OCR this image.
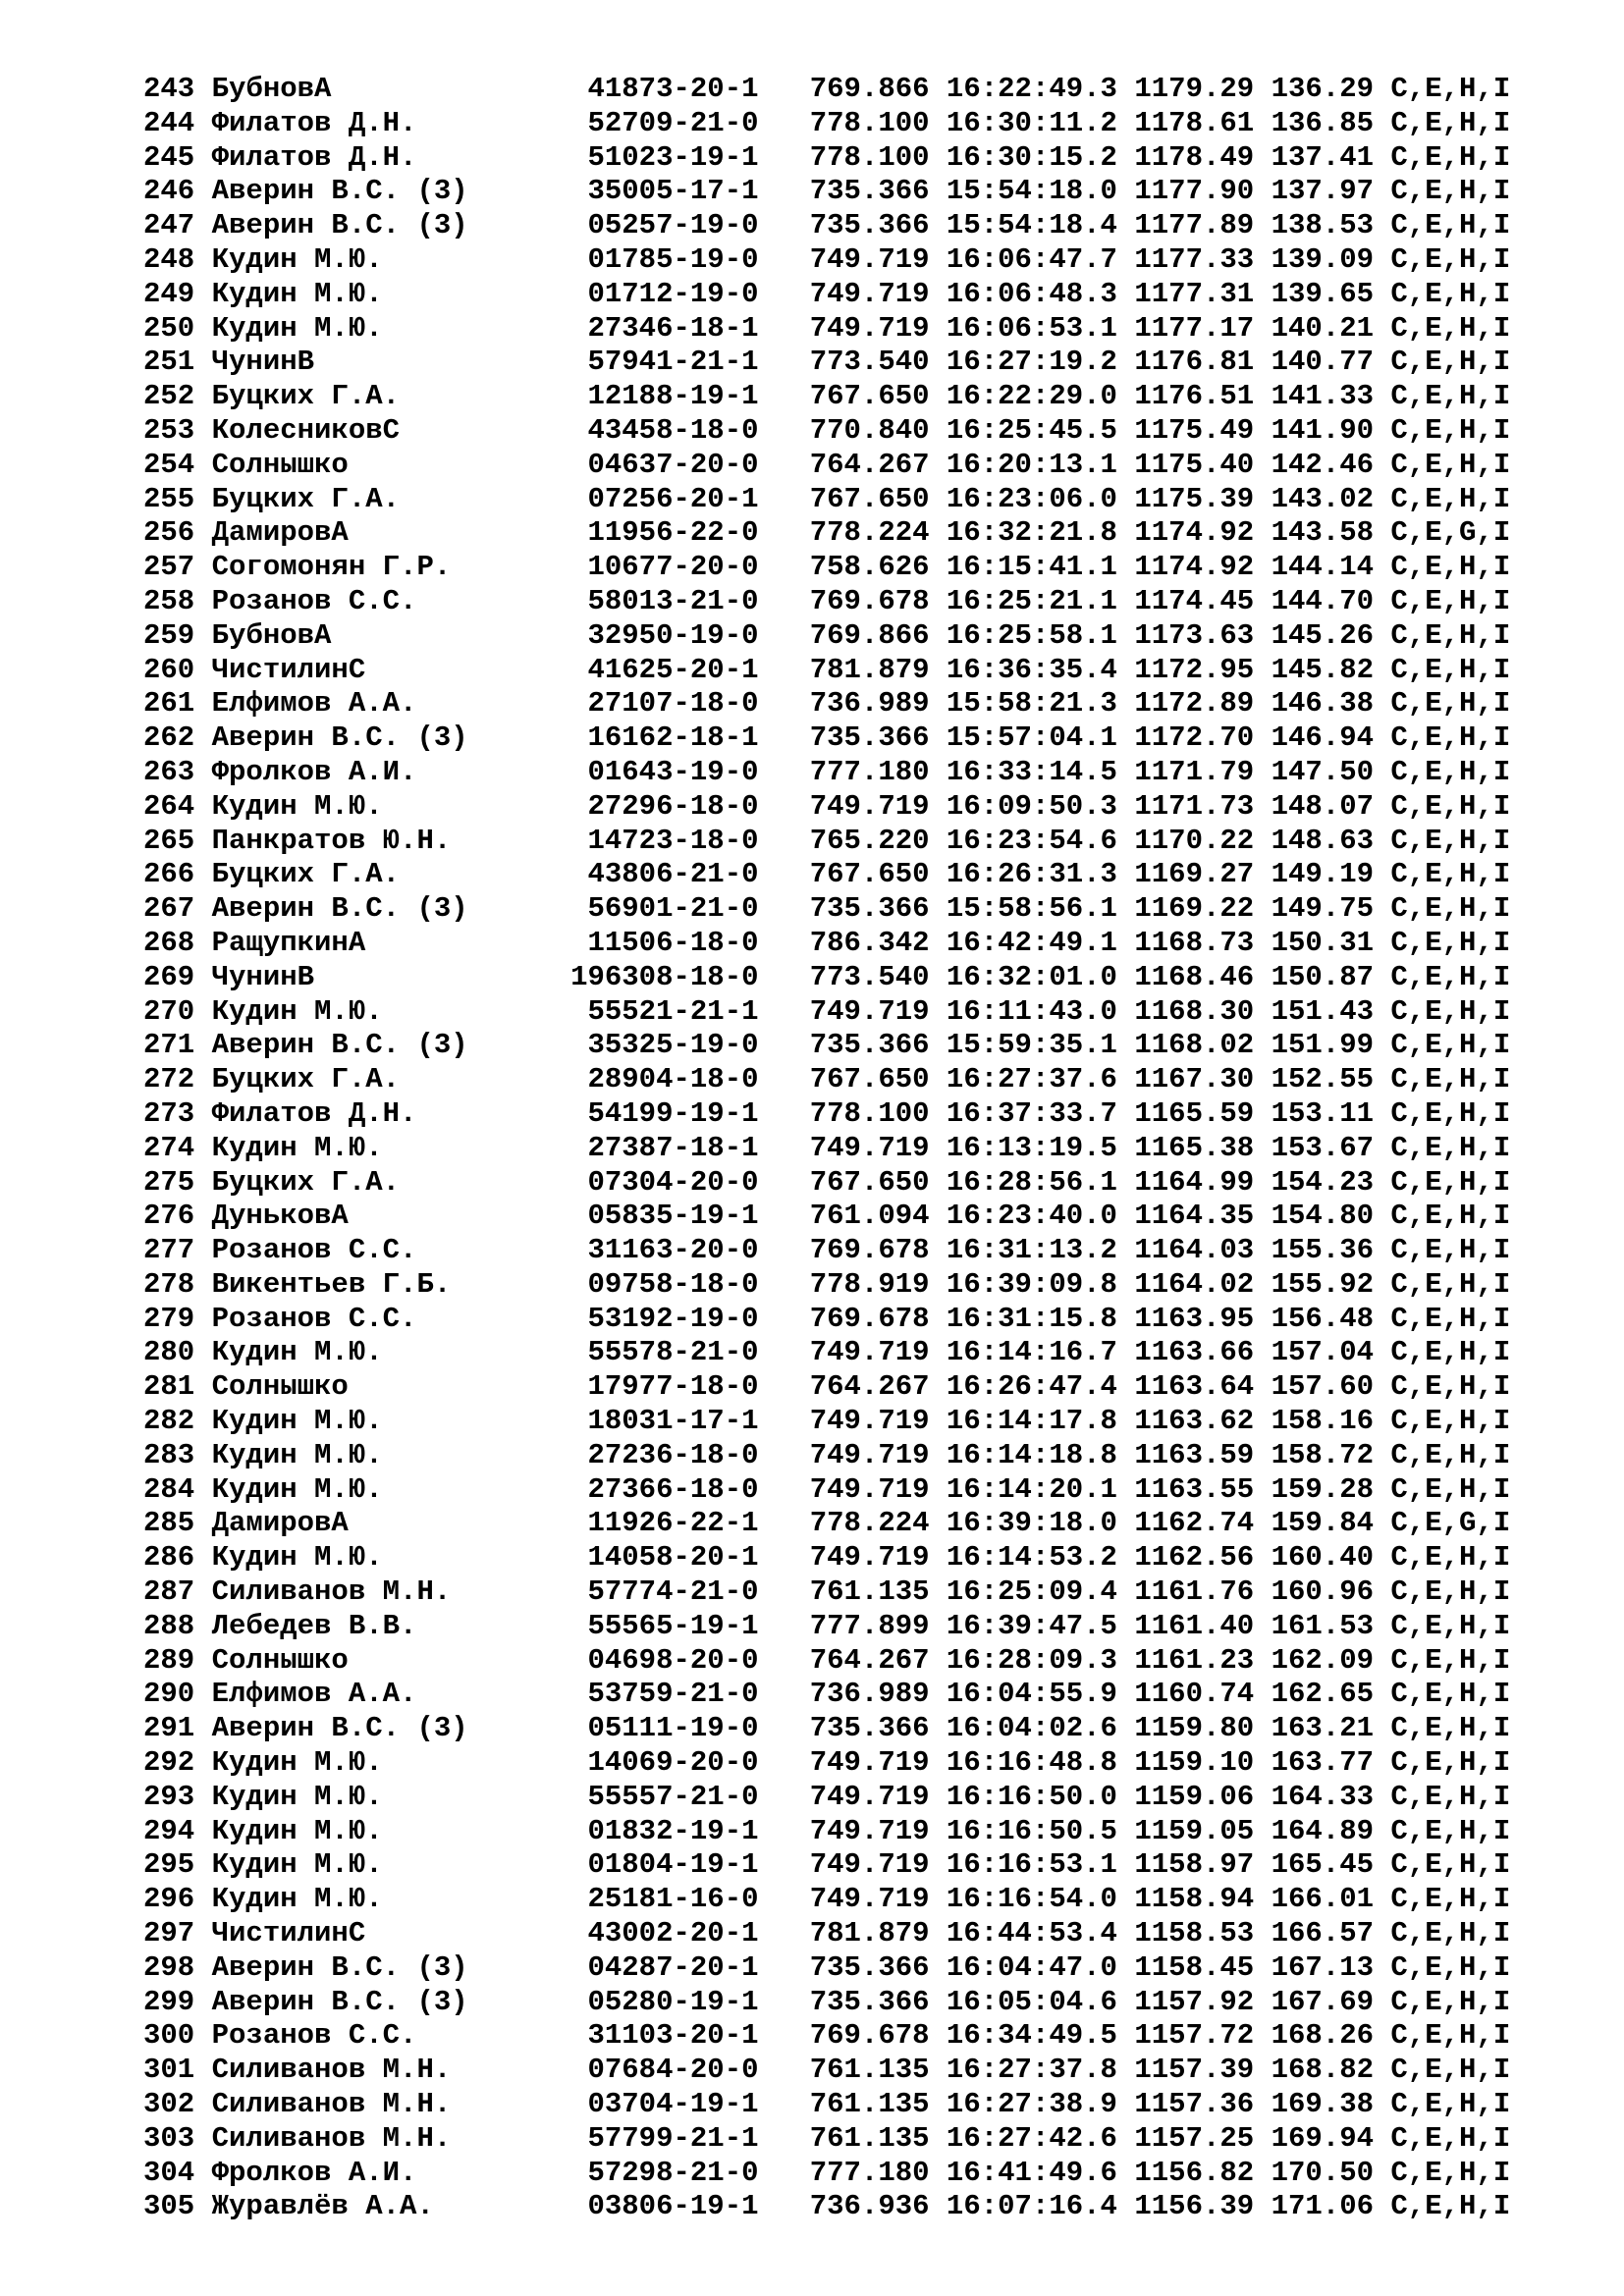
243 БубновА               41873-20-1   769.866 16:22:49.3 1179.29 136.29 C,E,H,I
244 Филатов Д.Н.          52709-21-0   778.100 16:30:11.2 1178.61 136.85 C,E,H,I
245 Филатов Д.Н.          51023-19-1   778.100 16:30:15.2 1178.49 137.41 C,E,H,I
246 Аверин В.С. (3)       35005-17-1   735.366 15:54:18.0 1177.90 137.97 C,E,H,I
247 Аверин В.С. (3)       05257-19-0   735.366 15:54:18.4 1177.89 138.53 C,E,H,I
248 Кудин М.Ю.            01785-19-0   749.719 16:06:47.7 1177.33 139.09 C,E,H,I
249 Кудин М.Ю.            01712-19-0   749.719 16:06:48.3 1177.31 139.65 C,E,H,I
250 Кудин М.Ю.            27346-18-1   749.719 16:06:53.1 1177.17 140.21 C,E,H,I
251 ЧунинВ                57941-21-1   773.540 16:27:19.2 1176.81 140.77 C,E,H,I
252 Буцких Г.А.           12188-19-1   767.650 16:22:29.0 1176.51 141.33 C,E,H,I
253 КолесниковС           43458-18-0   770.840 16:25:45.5 1175.49 141.90 C,E,H,I
254 Солнышко              04637-20-0   764.267 16:20:13.1 1175.40 142.46 C,E,H,I
255 Буцких Г.А.           07256-20-1   767.650 16:23:06.0 1175.39 143.02 C,E,H,I
256 ДамировА              11956-22-0   778.224 16:32:21.8 1174.92 143.58 C,E,G,I
257 Согомонян Г.Р.        10677-20-0   758.626 16:15:41.1 1174.92 144.14 C,E,H,I
258 Розанов С.С.          58013-21-0   769.678 16:25:21.1 1174.45 144.70 C,E,H,I
259 БубновА               32950-19-0   769.866 16:25:58.1 1173.63 145.26 C,E,H,I
260 ЧистилинС             41625-20-1   781.879 16:36:35.4 1172.95 145.82 C,E,H,I
261 Елфимов А.А.          27107-18-0   736.989 15:58:21.3 1172.89 146.38 C,E,H,I
262 Аверин В.С. (3)       16162-18-1   735.366 15:57:04.1 1172.70 146.94 C,E,H,I
263 Фролков А.И.          01643-19-0   777.180 16:33:14.5 1171.79 147.50 C,E,H,I
264 Кудин М.Ю.            27296-18-0   749.719 16:09:50.3 1171.73 148.07 C,E,H,I
265 Панкратов Ю.Н.        14723-18-0   765.220 16:23:54.6 1170.22 148.63 C,E,H,I
266 Буцких Г.А.           43806-21-0   767.650 16:26:31.3 1169.27 149.19 C,E,H,I
267 Аверин В.С. (3)       56901-21-0   735.366 15:58:56.1 1169.22 149.75 C,E,H,I
268 РащупкинА             11506-18-0   786.342 16:42:49.1 1168.73 150.31 C,E,H,I
269 ЧунинВ               196308-18-0   773.540 16:32:01.0 1168.46 150.87 C,E,H,I
270 Кудин М.Ю.            55521-21-1   749.719 16:11:43.0 1168.30 151.43 C,E,H,I
271 Аверин В.С. (3)       35325-19-0   735.366 15:59:35.1 1168.02 151.99 C,E,H,I
272 Буцких Г.А.           28904-18-0   767.650 16:27:37.6 1167.30 152.55 C,E,H,I
273 Филатов Д.Н.          54199-19-1   778.100 16:37:33.7 1165.59 153.11 C,E,H,I
274 Кудин М.Ю.            27387-18-1   749.719 16:13:19.5 1165.38 153.67 C,E,H,I
275 Буцких Г.А.           07304-20-0   767.650 16:28:56.1 1164.99 154.23 C,E,H,I
276 ДуньковА              05835-19-1   761.094 16:23:40.0 1164.35 154.80 C,E,H,I
277 Розанов С.С.          31163-20-0   769.678 16:31:13.2 1164.03 155.36 C,E,H,I
278 Викентьев Г.Б.        09758-18-0   778.919 16:39:09.8 1164.02 155.92 C,E,H,I
279 Розанов С.С.          53192-19-0   769.678 16:31:15.8 1163.95 156.48 C,E,H,I
280 Кудин М.Ю.            55578-21-0   749.719 16:14:16.7 1163.66 157.04 C,E,H,I
281 Солнышко              17977-18-0   764.267 16:26:47.4 1163.64 157.60 C,E,H,I
282 Кудин М.Ю.            18031-17-1   749.719 16:14:17.8 1163.62 158.16 C,E,H,I
283 Кудин М.Ю.            27236-18-0   749.719 16:14:18.8 1163.59 158.72 C,E,H,I
284 Кудин М.Ю.            27366-18-0   749.719 16:14:20.1 1163.55 159.28 C,E,H,I
285 ДамировА              11926-22-1   778.224 16:39:18.0 1162.74 159.84 C,E,G,I
286 Кудин М.Ю.            14058-20-1   749.719 16:14:53.2 1162.56 160.40 C,E,H,I
287 Силиванов М.Н.        57774-21-0   761.135 16:25:09.4 1161.76 160.96 C,E,H,I
288 Лебедев В.В.          55565-19-1   777.899 16:39:47.5 1161.40 161.53 C,E,H,I
289 Солнышко              04698-20-0   764.267 16:28:09.3 1161.23 162.09 C,E,H,I
290 Елфимов А.А.          53759-21-0   736.989 16:04:55.9 1160.74 162.65 C,E,H,I
291 Аверин В.С. (3)       05111-19-0   735.366 16:04:02.6 1159.80 163.21 C,E,H,I
292 Кудин М.Ю.            14069-20-0   749.719 16:16:48.8 1159.10 163.77 C,E,H,I
293 Кудин М.Ю.            55557-21-0   749.719 16:16:50.0 1159.06 164.33 C,E,H,I
294 Кудин М.Ю.            01832-19-1   749.719 16:16:50.5 1159.05 164.89 C,E,H,I
295 Кудин М.Ю.            01804-19-1   749.719 16:16:53.1 1158.97 165.45 C,E,H,I
296 Кудин М.Ю.            25181-16-0   749.719 16:16:54.0 1158.94 166.01 C,E,H,I
297 ЧистилинС             43002-20-1   781.879 16:44:53.4 1158.53 166.57 C,E,H,I
298 Аверин В.С. (3)       04287-20-1   735.366 16:04:47.0 1158.45 167.13 C,E,H,I
299 Аверин В.С. (3)       05280-19-1   735.366 16:05:04.6 1157.92 167.69 C,E,H,I
300 Розанов С.С.          31103-20-1   769.678 16:34:49.5 1157.72 168.26 C,E,H,I
301 Силиванов М.Н.        07684-20-0   761.135 16:27:37.8 1157.39 168.82 C,E,H,I
302 Силиванов М.Н.        03704-19-1   761.135 16:27:38.9 1157.36 169.38 C,E,H,I
303 Силиванов М.Н.        57799-21-1   761.135 16:27:42.6 1157.25 169.94 C,E,H,I
304 Фролков А.И.          57298-21-0   777.180 16:41:49.6 1156.82 170.50 C,E,H,I
305 Журавлёв А.А.         03806-19-1   736.936 16:07:16.4 1156.39 171.06 C,E,H,I
